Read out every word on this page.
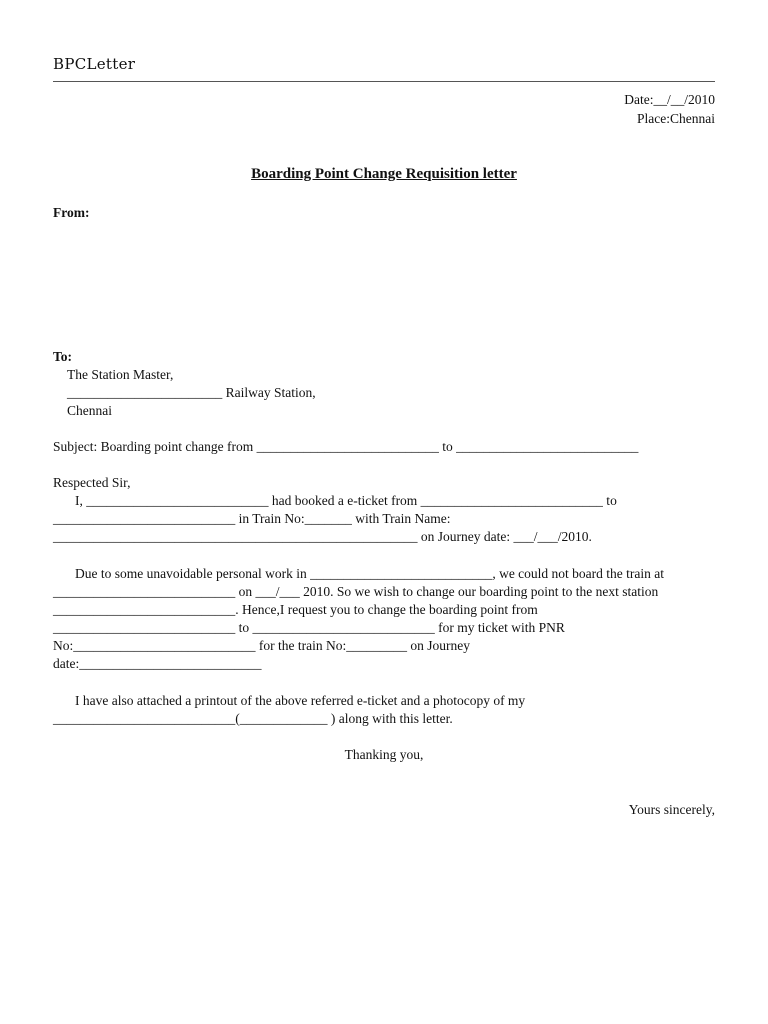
BPCLetter
Date:__/__/2010
Place:Chennai
Boarding Point Change Requisition letter
From:
To:
The Station Master,
_______________________ Railway Station,
Chennai
Subject: Boarding point change from ___________________________ to ___________________________
Respected Sir,
I, ___________________________ had booked a e-ticket from ___________________________ to
___________________________ in Train No:_______ with Train Name:
______________________________________________________ on Journey date: ___/___/2010.
Due to some unavoidable personal work in ___________________________, we could not board the train at
___________________________ on ___/___ 2010. So we wish to change our boarding point to the next station
___________________________. Hence,I request you to change the boarding point from
___________________________ to ___________________________ for my ticket with PNR
No:___________________________ for the train No:_________ on Journey
date:___________________________
I have also attached a printout of the above referred e-ticket and a photocopy of my
___________________________(_____________ ) along with this letter.
Thanking you,
Yours sincerely,
